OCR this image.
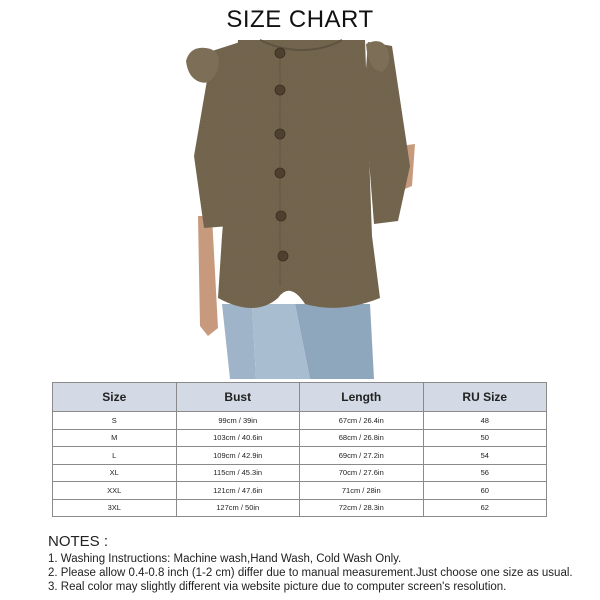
SIZE CHART
Size	Bust	Length	RU Size
S	99cm / 39in	67cm / 26.4in	48
M	103cm / 40.6in	68cm / 26.8in	50
L	109cm / 42.9in	69cm / 27.2in	54
XL	115cm / 45.3in	70cm / 27.6in	56
XXL	121cm / 47.6in	71cm / 28in	60
3XL	127cm / 50in	72cm / 28.3in	62
NOTES :
1. Washing Instructions: Machine wash,Hand Wash, Cold Wash Only.
2. Please allow 0.4-0.8 inch (1-2 cm) differ due to manual measurement.Just choose one size as usual.
3. Real color may slightly different via website picture due to computer screen's resolution.
